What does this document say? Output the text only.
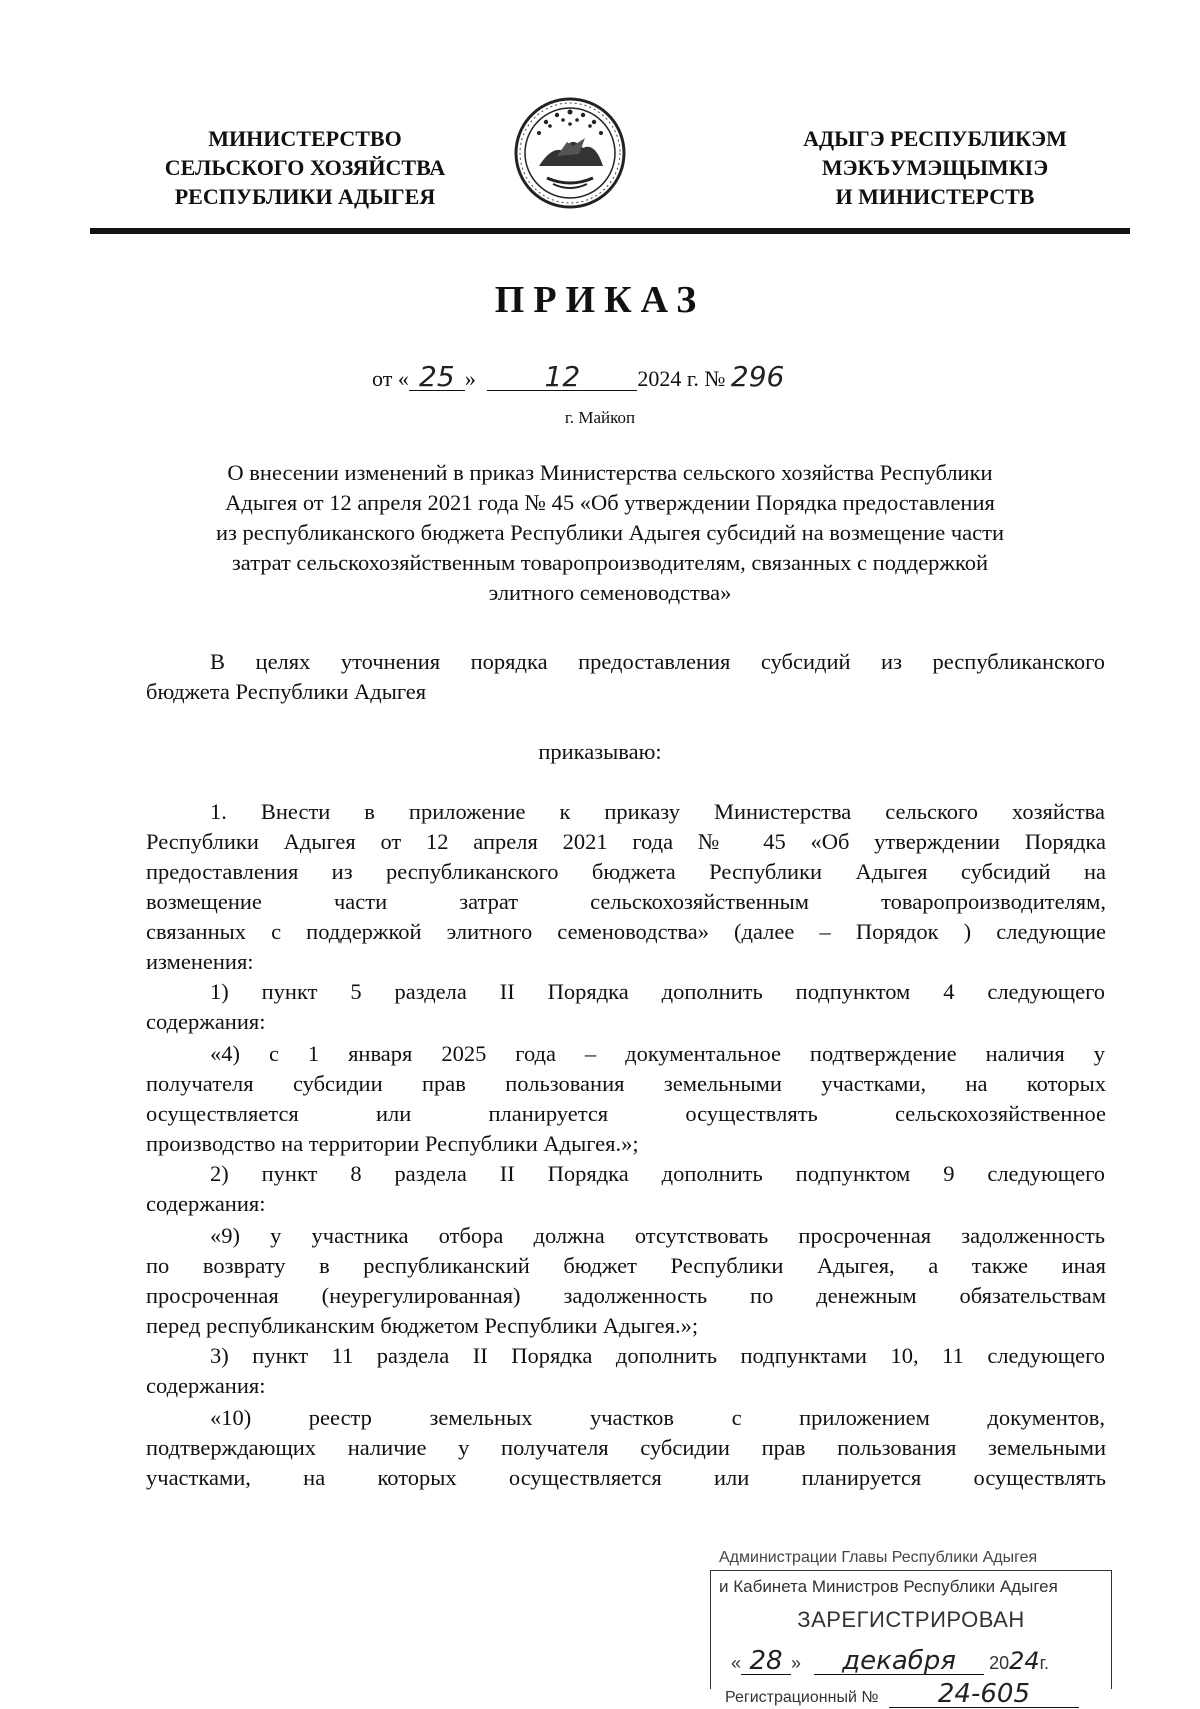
МИНИСТЕРСТВО
СЕЛЬСКОГО ХОЗЯЙСТВА
РЕСПУБЛИКИ АДЫГЕЯ
АДЫГЭ РЕСПУБЛИКЭМ
МЭКЪУМЭЩЫМКIЭ
И МИНИСТЕРСТВ
ПРИКАЗ
от « 25 » 12	2024 г. № 296
г. Майкоп
О внесении изменений в приказ Министерства сельского хозяйства Республики
Адыгея от 12 апреля 2021 года № 45 «Об утверждении Порядка предоставления
из республиканского бюджета Республики Адыгея субсидий на возмещение части
затрат сельскохозяйственным товаропроизводителям, связанных с поддержкой
элитного семеноводства»
В целях уточнения порядка предоставления субсидий из республиканского
бюджета Республики Адыгея
приказываю:
1. Внести в приложение к приказу Министерства сельского хозяйства
Республики Адыгея от 12 апреля 2021 года № 45 «Об утверждении Порядка
предоставления из республиканского бюджета Республики Адыгея субсидий на
возмещение части затрат сельскохозяйственным товаропроизводителям,
связанных с поддержкой элитного семеноводства» (далее – Порядок ) следующие
изменения:
1) пункт 5 раздела II Порядка дополнить подпунктом 4 следующего
содержания:
«4) с 1 января 2025 года – документальное подтверждение наличия у
получателя субсидии прав пользования земельными участками, на которых
осуществляется или планируется осуществлять сельскохозяйственное
производство на территории Республики Адыгея.»;
2) пункт 8 раздела II Порядка дополнить подпунктом 9 следующего
содержания:
«9) у участника отбора должна отсутствовать просроченная задолженность
по возврату в республиканский бюджет Республики Адыгея, а также иная
просроченная (неурегулированная) задолженность по денежным обязательствам
перед республиканским бюджетом Республики Адыгея.»;
3) пункт 11 раздела II Порядка дополнить подпунктами 10, 11 следующего
содержания:
«10) реестр земельных участков с приложением документов,
подтверждающих наличие у получателя субсидии прав пользования земельными
участками, на которых осуществляется или планируется осуществлять
Администрации Главы Республики Адыгея
и Кабинета Министров Республики Адыгея
ЗАРЕГИСТРИРОВАН
« 28 » декабря 2024г.
Регистрационный № 24-605
